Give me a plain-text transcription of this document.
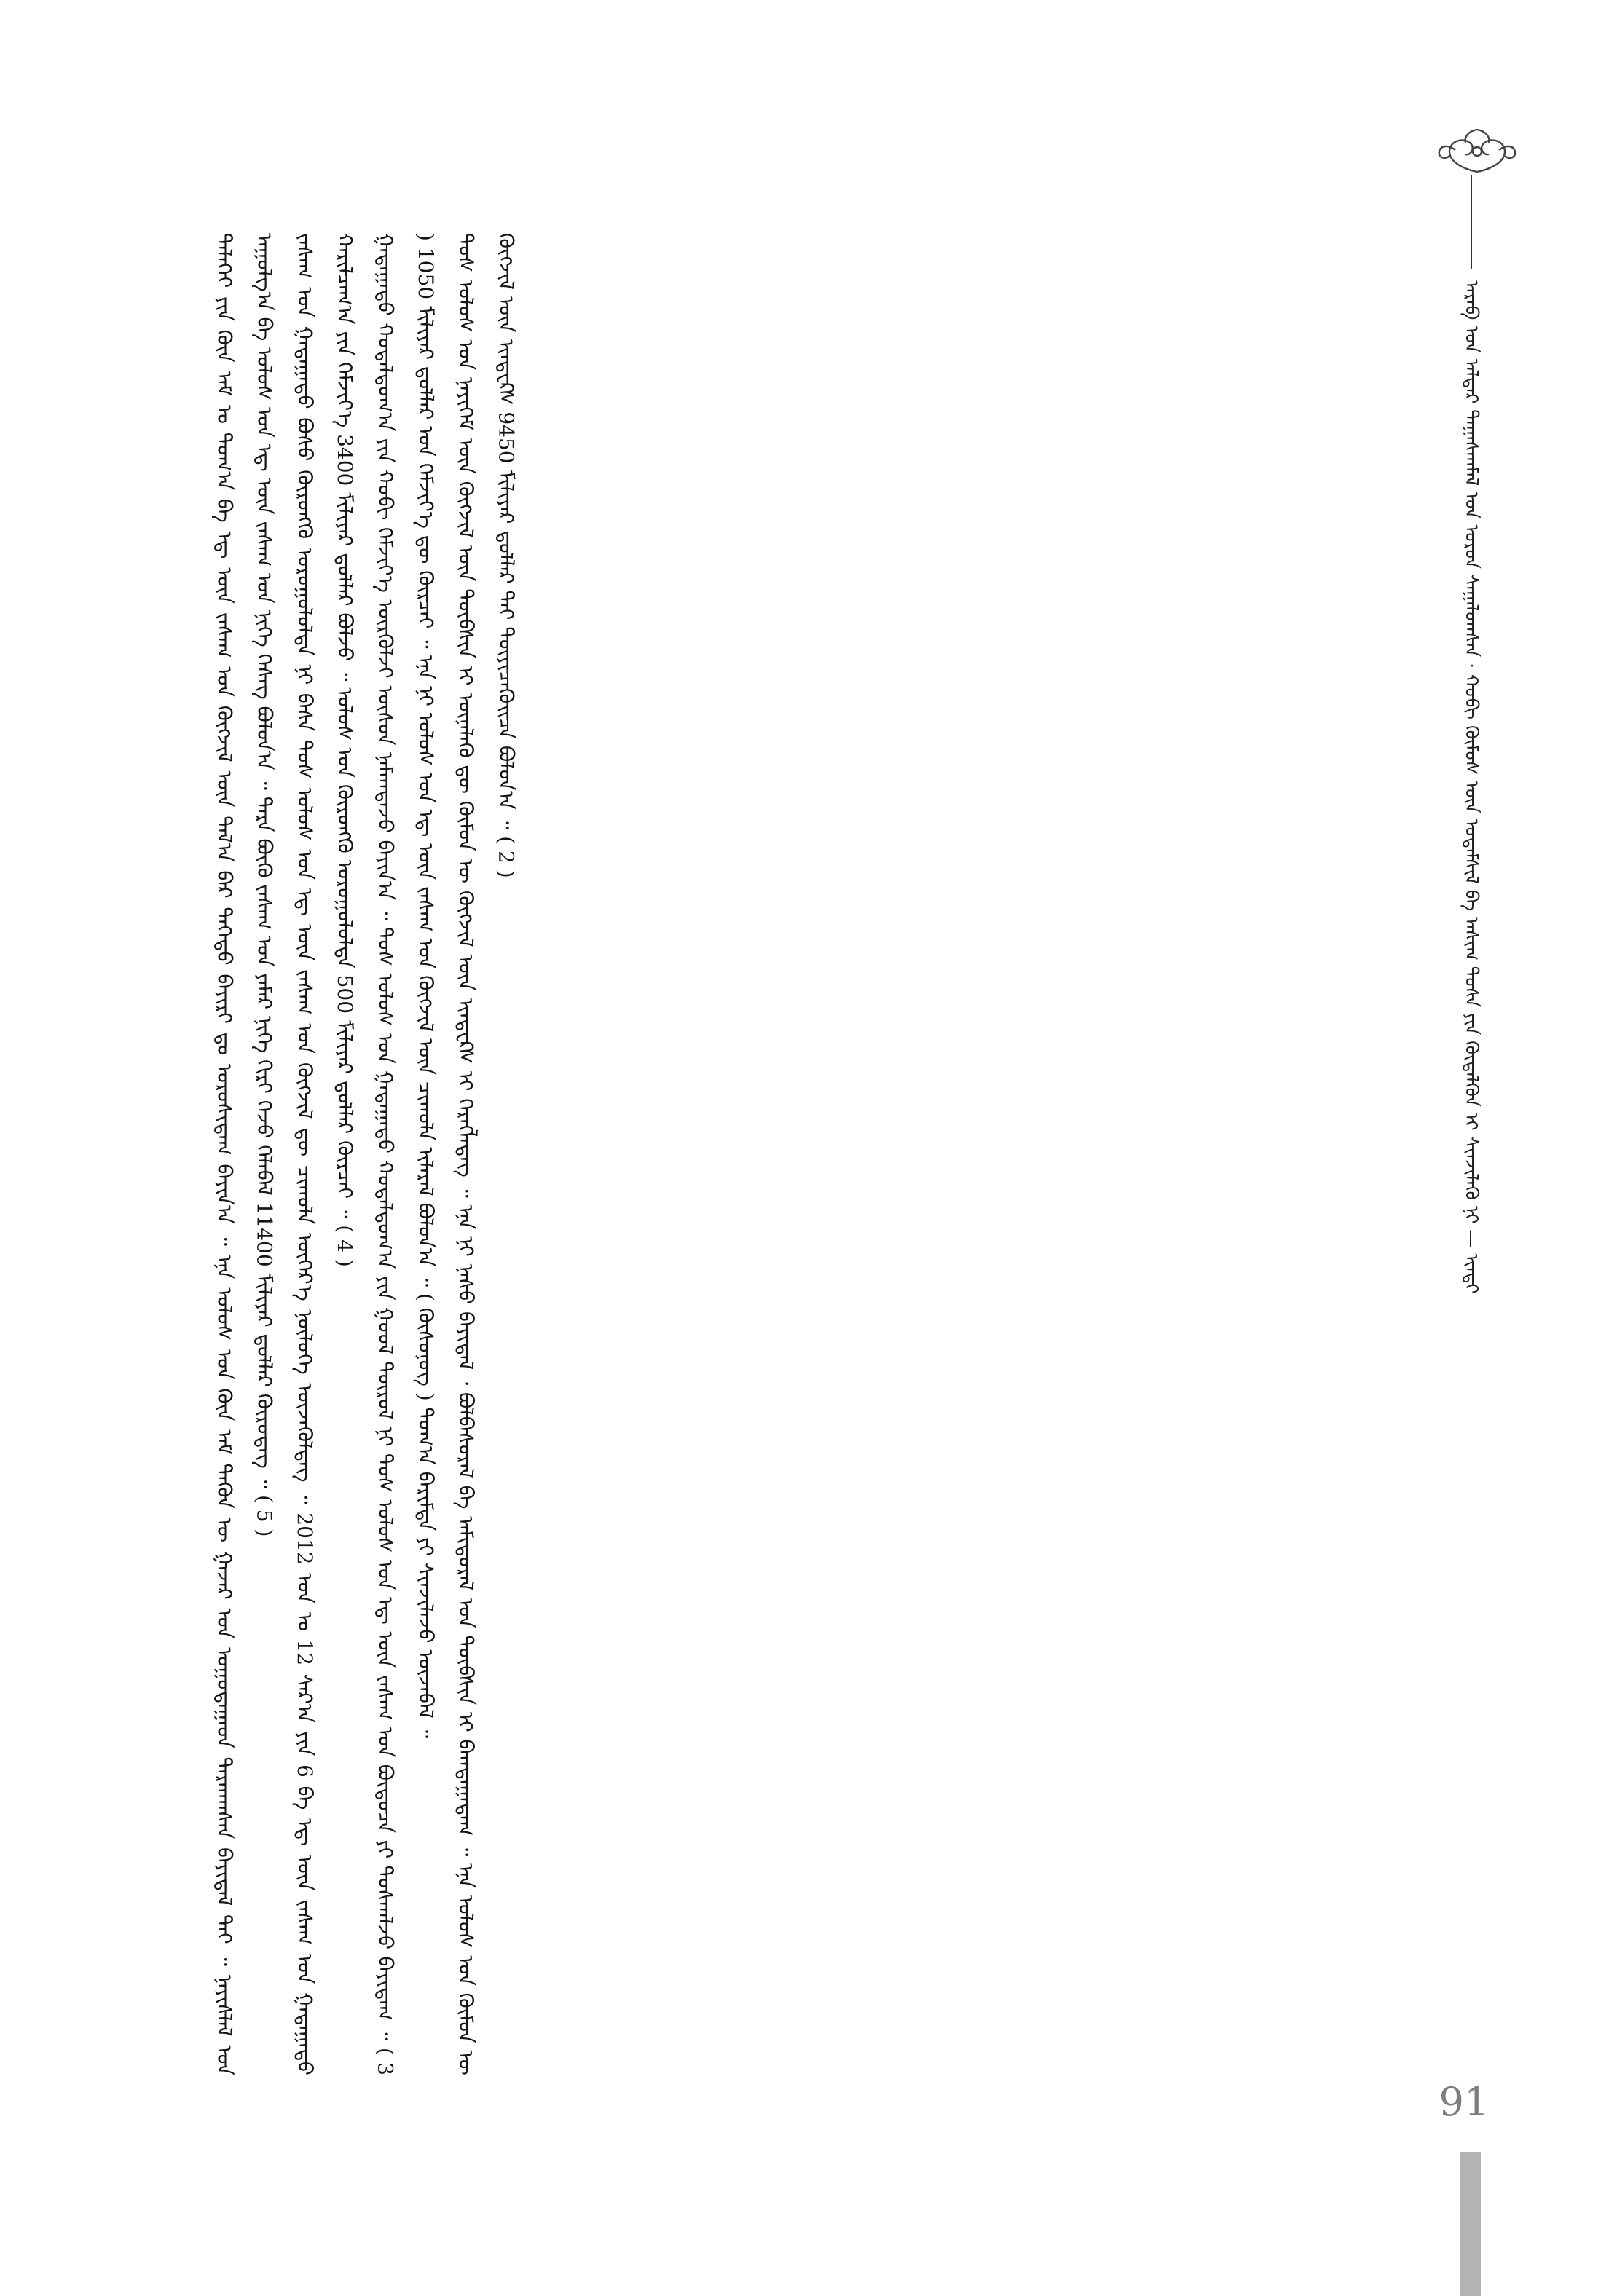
ᠠᠷᠠᠪ ᠤᠨ ᠠᠯᠳᠠᠷ ᠳᠠᠭ᠋ᠠᠰᠬᠠᠮᠠᠯ ᠤᠨ ᠣᠷᠤᠨ ᠰᠠᠭᠠᠯᠤᠭᠰᠠᠨ · ᠬᠤᠪᠢ ᠬᠦᠮᠦᠰ ᠦᠨ ᠤᠳᠠᠮᠰᠢᠯ ᠪᠠ ᠠᠰᠢᠭ ᠲᠤᠰᠠ ᠶᠢᠨ ᠬᠥᠳᠡᠯᠬᠦᠨ ᠢ ᠰᠢᠨᠵᠢᠯᠡᠬᠦ ᠨᠢ — ᠢᠨᠳᠢ

ᠳᠡᠯᠡᠬᠡᠢ ᠶᠢᠨ ᠬᠦᠨ ᠠᠮ ᠤ ᠲᠣᠭ᠎ᠠ ᠪᠠ ᠡᠳ᠋ ᠦᠨ ᠵᠠᠰᠠᠭ ᠤᠨ ᠬᠥᠭᠵᠢᠯ ᠦᠨ ᠲᠠᠯ᠎ᠠ ᠪᠠᠷ ᠳᠡᠭᠡᠳᠦ ᠪᠠᠶᠢᠷᠢ ᠳᠤ ᠤᠷᠤᠰᠢᠳᠠᠭ ᠪᠠᠶᠢᠨ᠎ᠠ ᠃ ᠡᠨᠡ ᠤᠯᠤᠰ ᠤᠨ ᠬᠦᠨ ᠠᠮ ᠲᠡᠭᠦᠨ ᠦ ᠭᠠᠵᠠᠷ ᠤᠨ ᠤᠭᠤᠲᠠᠭᠠᠳ ᠲᠠᠷᠬᠠᠭᠰᠠᠨ ᠪᠠᠶᠢᠳᠠᠯ ᠲᠠᠢ ᠃ ᠨᠡᠶᠢᠰᠯᠡᠯ ᠤᠨ ᠠᠭᠤᠯᠭ᠎ᠠ ᠪᠠ ᠤᠯᠤᠰ ᠤᠨ ᠡᠳ᠋ ᠦᠨ ᠵᠠᠰᠠᠭ ᠤᠨ ᠨᠢᠭᠡ ᠬᠡᠰᠡᠭ ᠪᠣᠯᠤᠨ᠎ᠠ ᠃ ᠲᠡᠷᠡ ᠪᠦᠬᠦ ᠵᠠᠰᠠᠭ ᠤᠨ ᠶᠠᠮᠠᠷ ᠨᠢᠭᠡ ᠬᠢᠷᠢ ᠭᠡᠵᠦ ᠬᠡᠯᠡᠪᠡᠯ 11400 ᠮᠢᠯᠢᠶᠠᠷ ᠳ᠋ᠣᠯᠯᠠᠷ ᠬᠦᠷᠦᠳᠡᠭ ᠃ ( 5 ) ᠵᠠᠰᠠᠭ ᠤᠨ ᠭᠠᠳᠠᠭᠠᠳᠤ ᠪᠤᠰᠤ ᠬᠥᠷᠥᠩᠭᠥ ᠣᠷᠤᠭᠤᠯᠤᠯᠲᠠ ᠨᠢ ᠪᠠᠰᠠ ᠲᠤᠰ ᠤᠯᠤᠰ ᠤᠨ ᠡᠳ᠋ ᠦᠨ ᠵᠠᠰᠠᠭ ᠤᠨ ᠬᠥᠭᠵᠢᠯ ᠳᠦ ᠴᠢᠬᠤᠯᠠ ᠦᠭᠡᠷ᠎ᠡ ᠨᠥᠯᠦᠭᠡ ᠦᠵᠡᠭᠦᠯᠳᠡᠭ ᠃ 2012 ᠣᠨ ᠤ 12 ᠰᠠᠷ᠎ᠠ ᠶᠢᠨ 6 ᠪᠠ ᠡᠳ᠋ ᠦᠨ ᠵᠠᠰᠠᠭ ᠤᠨ ᠭᠠᠳᠠᠭᠠᠳᠤ ᠬᠠᠷᠢᠯᠴᠠᠭ᠎ᠠ ᠶᠢᠨ ᠬᠡᠮᠵᠢᠶ᠎ᠡ 3400 ᠮᠢᠯᠢᠶᠠᠷ ᠳ᠋ᠣᠯᠯᠠᠷ ᠪᠣᠯᠵᠤ ᠃ ᠤᠯᠤᠰ ᠤᠨ ᠬᠥᠷᠥᠩᠭᠥ ᠣᠷᠤᠭᠤᠯᠤᠯᠲᠠ 500 ᠮᠢᠯᠢᠶᠠᠷ ᠳ᠋ᠣᠯᠯᠠᠷ ᠬᠦᠷᠴᠡᠢ ᠃ ( 4 ) ᠭᠠᠳᠠᠭᠠᠳᠤ ᠬᠤᠳᠠᠯᠳᠤᠭ᠎ᠠ ᠶᠢᠨ ᠬᠤᠪᠢ ᠬᠡᠮᠵᠢᠶ᠎ᠡ ᠦᠷᠭᠦᠯᠵᠢ ᠥᠰᠦᠨ ᠨᠡᠮᠡᠭ᠍ᠳᠡᠵᠦ ᠪᠠᠶᠢᠨ᠎ᠠ ᠃ ᠲᠤᠰ ᠤᠯᠤᠰ ᠤᠨ ᠭᠠᠳᠠᠭᠠᠳᠤ ᠬᠤᠳᠠᠯᠳᠤᠭ᠎ᠠ ᠶᠢᠨ ᠭᠣᠣᠯ ᠲᠥᠷᠦᠯ ᠨᠢ ᠲᠤᠰ ᠤᠯᠤᠰ ᠤᠨ ᠡᠳ᠋ ᠦᠨ ᠵᠠᠰᠠᠭ ᠤᠨ ᠪᠦᠲᠦᠴᠡ ᠶᠢ ᠲᠤᠰᠬᠠᠯᠵᠤ ᠪᠠᠶᠢᠳᠠᠭ ᠃ ( 3 ) 1050 ᠮᠢᠯᠢᠶᠠᠷ ᠳ᠋ᠣᠯᠯᠠᠷ ᠤᠨ ᠬᠡᠮᠵᠢᠶ᠎ᠡ ᠳᠦ ᠬᠦᠷᠴᠡᠢ ᠃ ᠡᠨᠡ ᠨᠢ ᠤᠯᠤᠰ ᠤᠨ ᠡᠳ᠋ ᠦᠨ ᠵᠠᠰᠠᠭ ᠤᠨ ᠬᠥᠭᠵᠢᠯ ᠦᠨ ᠴᠢᠬᠤᠯᠠ ᠢᠯᠡᠷᠡᠯ ᠪᠣᠯᠤᠨ᠎ᠠ ᠃ ( ᠬᠦᠰᠦᠨᠦᠭ ) ᠲᠣᠭ᠎ᠠ ᠪᠠᠷᠢᠮᠲᠠ ᠶᠢ ᠰᠢᠨᠵᠢᠯᠡᠵᠦ ᠦᠵᠡᠪᠡᠯ ᠃ ᠲᠤᠰ ᠤᠯᠤᠰ ᠤᠨ ᠨᠡᠶᠢᠭᠡᠮ ᠦᠨ ᠬᠥᠭᠵᠢᠯ ᠦᠨ ᠲᠦᠪᠰᠢᠨ ᠢ ᠦᠨᠡᠯᠡᠬᠦ ᠳᠦ ᠬᠦᠮᠦᠨ ᠦ ᠬᠥᠭᠵᠢᠯ ᠦᠨ ᠢᠨᠳᠧᠺᠰ ᠢ ᠬᠡᠷᠡᠭᠯᠡᠳᠡᠭ ᠃ ᠡᠨᠡ ᠨᠢ ᠨᠠᠰᠤ ᠪᠠᠶᠢᠳᠠᠯ ᠂ ᠪᠣᠯᠪᠠᠰᠤᠷᠠᠯ ᠪᠠ ᠠᠮᠢᠳᠤᠷᠠᠯ ᠤᠨ ᠲᠦᠪᠰᠢᠨ ᠢ ᠪᠠᠭᠲᠠᠭᠠᠳᠠᠭ ᠃ ᠡᠨᠡ ᠤᠯᠤᠰ ᠤᠨ ᠬᠦᠮᠦᠨ ᠦ ᠬᠥᠭᠵᠢᠯ ᠦᠨ ᠢᠨᠳᠧᠺᠰ 9450 ᠮᠢᠯᠢᠶᠠᠷ ᠳ᠋ᠣᠯᠯᠠᠷ ᠲᠠᠢ ᠳᠦᠶᠢᠴᠡᠬᠦᠢᠴᠡ ᠪᠣᠯᠤᠨ᠎ᠠ ᠃ ( 2 )

91
